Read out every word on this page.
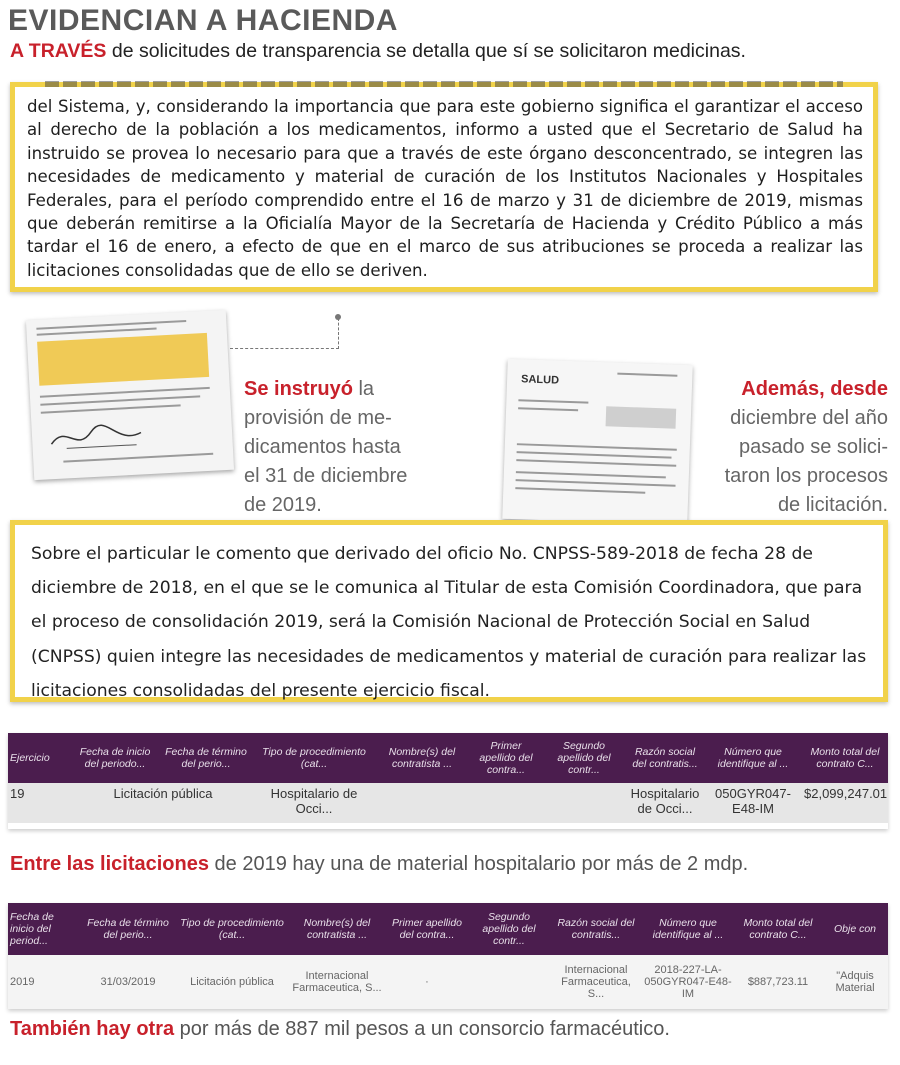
EVIDENCIAN A HACIENDA
A TRAVÉS de solicitudes de transparencia se detalla que sí se solicitaron medicinas.

del Sistema, y, considerando la importancia que para este gobierno significa el garantizar el acceso al derecho de la población a los medicamentos, informo a usted que el Secretario de Salud ha instruido se provea lo necesario para que a través de este órgano desconcentrado, se integren las necesidades de medicamento y material de curación de los Institutos Nacionales y Hospitales Federales, para el período comprendido entre el 16 de marzo y 31 de diciembre de 2019, mismas que deberán remitirse a la Oficialía Mayor de la Secretaría de Hacienda y Crédito Público a más tardar el 16 de enero, a efecto de que en el marco de sus atribuciones se proceda a realizar las licitaciones consolidadas que de ello se deriven.

Se instruyó la
provisión de me-
dicamentos hasta
el 31 de diciembre
de 2019.
SALUD	Además, desde
diciembre del año
pasado se solici-
taron los procesos
de licitación.

Sobre el particular le comento que derivado del oficio No. CNPSS-589-2018 de fecha 28 de diciembre de 2018, en el que se le comunica al Titular de esta Comisión Coordinadora, que para el proceso de consolidación 2019, será la Comisión Nacional de Protección Social en Salud (CNPSS) quien integre las necesidades de medicamentos y material de curación para realizar las licitaciones consolidadas del presente ejercicio fiscal.

Ejercicio	Fecha de inicio del periodo...	Fecha de término del perio...	Tipo de procedimiento (cat...	Nombre(s) del contratista ...	Primer apellido del contra...	Segundo apellido del contr...	Razón social del contratis...	Número que identifique al ...	Monto total del contrato C...
19	Licitación pública		Hospitalario de Occi...				Hospitalario de Occi...	050GYR047-E48-IM	$2,099,247.01
Entre las licitaciones de 2019 hay una de material hospitalario por más de 2 mdp.
Fecha de inicio del period...	Fecha de término del perio...	Tipo de procedimiento (cat...	Nombre(s) del contratista ...	Primer apellido del contra...	Segundo apellido del contr...	Razón social del contratis...	Número que identifique al ...	Monto total del contrato C...	Obje con
2019	31/03/2019	Licitación pública	Internacional Farmaceutica, S...	·		Internacional Farmaceutica, S...	2018-227-LA-050GYR047-E48-IM	$887,723.11	"Adquis Material
También hay otra por más de 887 mil pesos a un consorcio farmacéutico.
